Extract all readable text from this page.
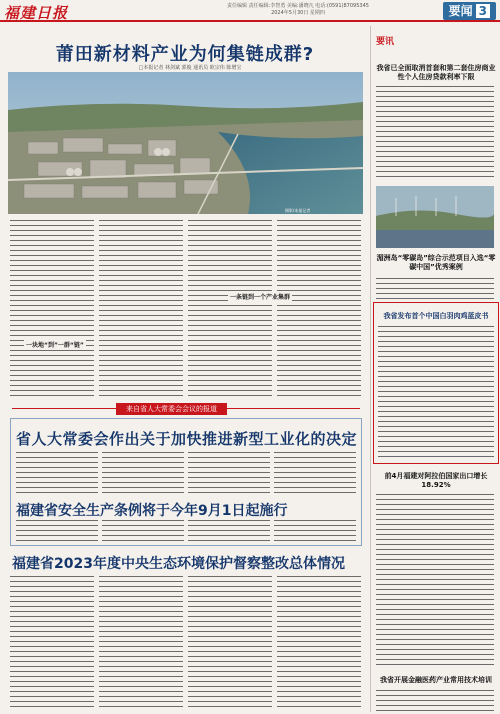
福建日报	责任编辑 责任编辑:李智勇 美编:潘晓凡 电话:(0591)87095345
2024年5月30日 星期四	要闻 3
莆田新材料产业为何集链成群?
□本报记者 林剑斌 郭俊 通讯员 欧宗伟 陈增宝
摄影/本报记者
一块地“到”一群“链”
一条链到一个产业集群
来自省人大常委会会议的报道
省人大常委会作出关于加快推进新型工业化的决定
福建省安全生产条例将于今年9月1日起施行
福建省2023年度中央生态环境保护督察整改总体情况
要讯
我省已全面取消首套和第二套住房商业性个人住房贷款利率下限
湄洲岛“零碳岛”综合示范项目入选“零碳中国”优秀案例
我省发布首个中国白羽肉鸡蓝皮书
前4月福建对阿拉伯国家出口增长18.92%
我省开展金融医药产业常用技术培训
